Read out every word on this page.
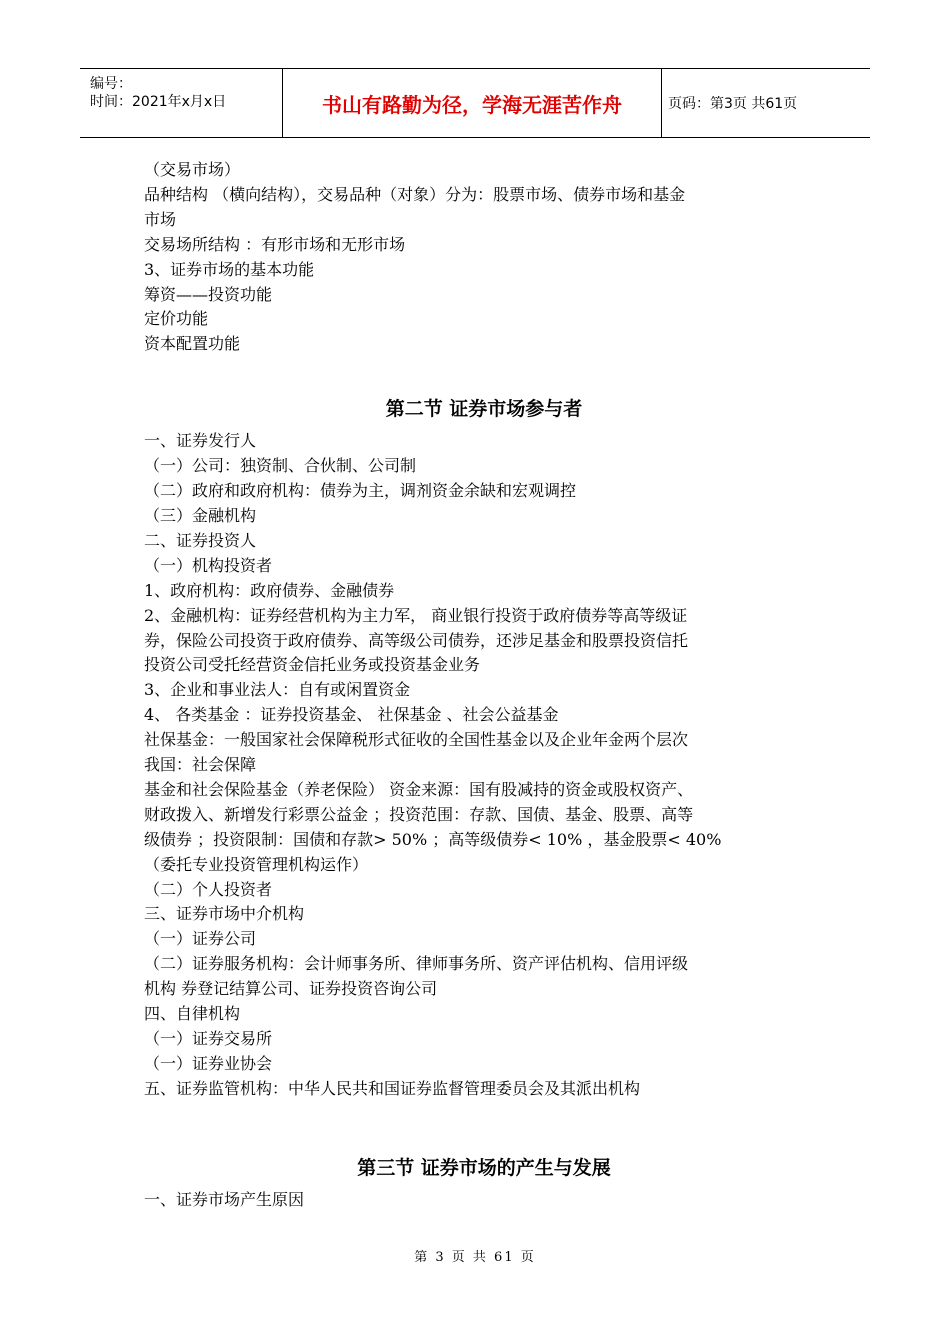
编号：
时间：2021年x月x日	书山有路勤为径，学海无涯苦作舟	页码：第3页 共61页
（交易市场）
品种结构 （横向结构），交易品种（对象）分为：股票市场、债券市场和基金
市场
交易场所结构 ：有形市场和无形市场
3、证券市场的基本功能
筹资——投资功能
定价功能
资本配置功能
第二节 证券市场参与者
一、证券发行人
（一）公司：独资制、合伙制、公司制
（二）政府和政府机构：债券为主，调剂资金余缺和宏观调控
（三）金融机构
二、证券投资人
（一）机构投资者
1、政府机构：政府债券、金融债券
2、金融机构：证券经营机构为主力军， 商业银行投资于政府债券等高等级证
券，保险公司投资于政府债券、高等级公司债券，还涉足基金和股票投资信托
投资公司受托经营资金信托业务或投资基金业务
3、企业和事业法人：自有或闲置资金
4、 各类基金 ：证券投资基金、 社保基金 、社会公益基金
社保基金：一般国家社会保障税形式征收的全国性基金以及企业年金两个层次
我国：社会保障
基金和社会保险基金（养老保险） 资金来源：国有股减持的资金或股权资产、
财政拨入、新增发行彩票公益金 ；投资范围：存款、国债、基金、股票、高等
级债券 ；投资限制：国债和存款> 50% ；高等级债券< 10% ，基金股票< 40%
（委托专业投资管理机构运作）
（二）个人投资者
三、证券市场中介机构
（一）证券公司
（二）证券服务机构：会计师事务所、律师事务所、资产评估机构、信用评级
机构 券登记结算公司、证券投资咨询公司
四、自律机构
（一）证券交易所
（一）证券业协会
五、证券监管机构：中华人民共和国证券监督管理委员会及其派出机构
第三节 证券市场的产生与发展
一、证券市场产生原因
第 3 页 共 61 页
